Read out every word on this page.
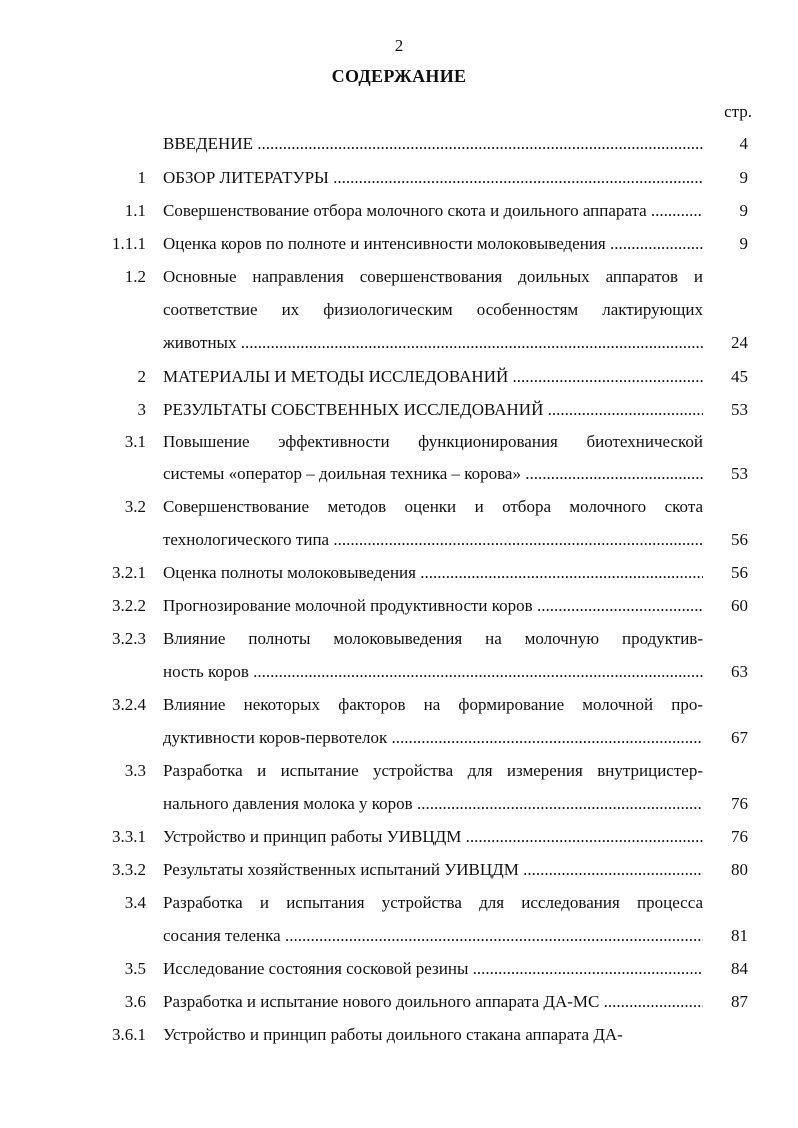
2
СОДЕРЖАНИЕ
стр.
ВВЕДЕНИЕ .....	4
1 ОБЗОР ЛИТЕРАТУРЫ .....	9
1.1 Совершенствование отбора молочного скота и доильного аппарата .....	9
1.1.1 Оценка коров по полноте и интенсивности молоковыведения .....	9
1.2 Основные направления совершенствования доильных аппаратов и
соответствие их физиологическим особенностям лактирующих
животных .....	24
2 МАТЕРИАЛЫ И МЕТОДЫ ИССЛЕДОВАНИЙ .....	45
3 РЕЗУЛЬТАТЫ СОБСТВЕННЫХ ИССЛЕДОВАНИЙ .....	53
3.1 Повышение эффективности функционирования биотехнической
системы «оператор – доильная техника – корова» .....	53
3.2 Совершенствование методов оценки и отбора молочного скота
технологического типа .....	56
3.2.1 Оценка полноты молоковыведения .....	56
3.2.2 Прогнозирование молочной продуктивности коров .....	60
3.2.3 Влияние полноты молоковыведения на молочную продуктив-
ность коров .....	63
3.2.4 Влияние некоторых факторов на формирование молочной про-
дуктивности коров-первотелок .....	67
3.3 Разработка и испытание устройства для измерения внутрицистер-
нального давления молока у коров .....	76
3.3.1 Устройство и принцип работы УИВЦДМ .....	76
3.3.2 Результаты хозяйственных испытаний УИВЦДМ .....	80
3.4 Разработка и испытания устройства для исследования процесса
сосания теленка .....	81
3.5 Исследование состояния сосковой резины .....	84
3.6 Разработка и испытание нового доильного аппарата ДА-МС .....	87
3.6.1 Устройство и принцип работы доильного стакана аппарата ДА-
